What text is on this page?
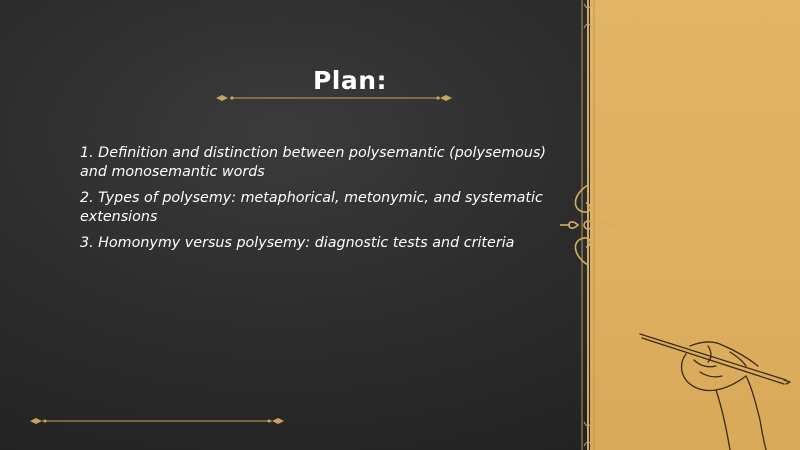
Plan:
1. Definition and distinction between polysemantic (polysemous) and monosemantic words
2. Types of polysemy: metaphorical, metonymic, and systematic extensions
3. Homonymy versus polysemy: diagnostic tests and criteria
